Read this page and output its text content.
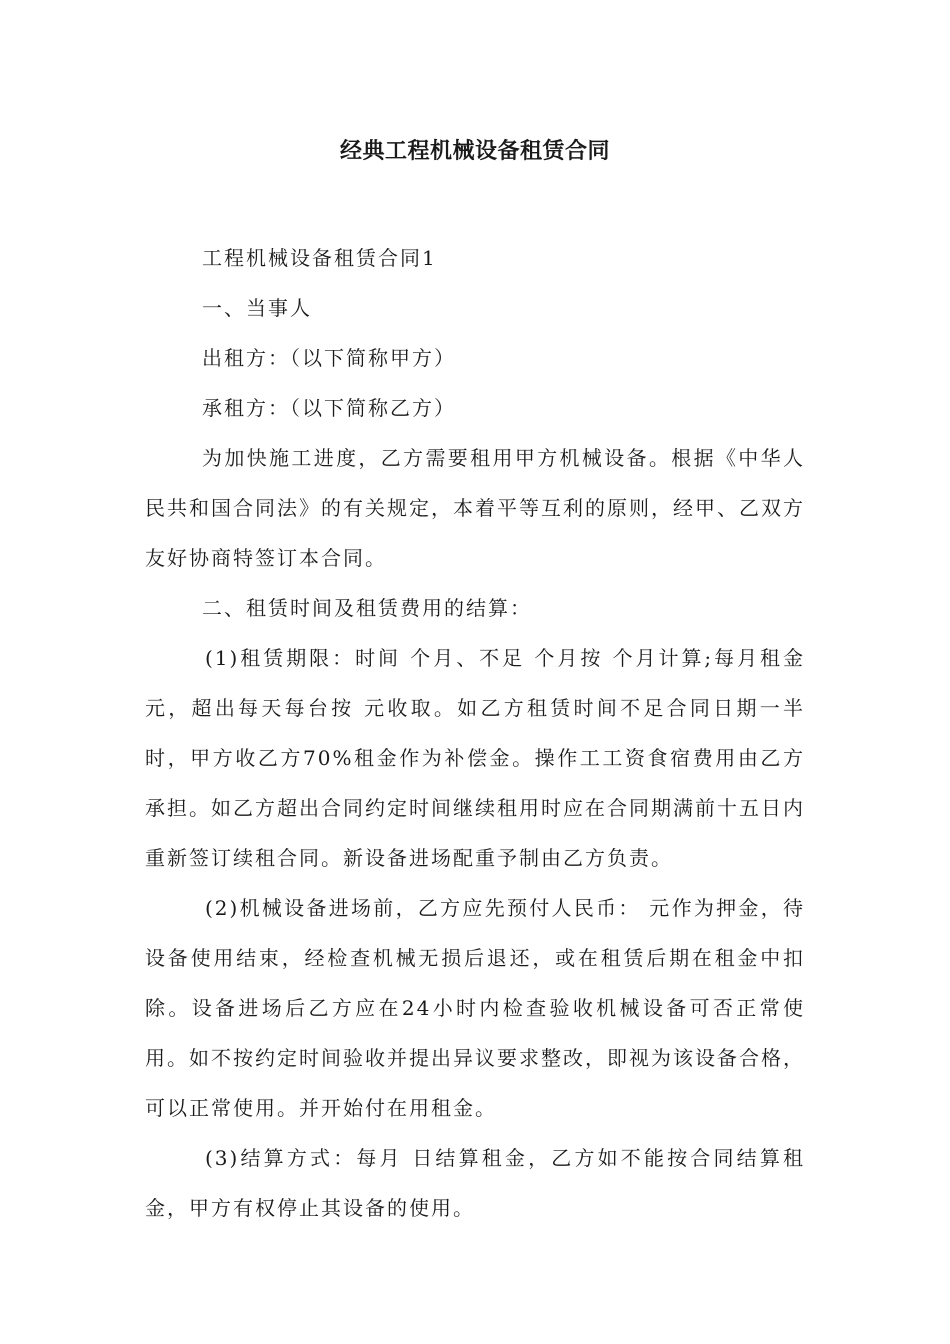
经典工程机械设备租赁合同

工程机械设备租赁合同1

一、当事人

出租方：（以下简称甲方）

承租方：（以下简称乙方）

为加快施工进度，乙方需要租用甲方机械设备。根据《中华人民共和国合同法》的有关规定，本着平等互利的原则，经甲、乙双方友好协商特签订本合同。

二、租赁时间及租赁费用的结算：

(1)租赁期限：时间 个月、不足 个月按 个月计算;每月租金 元，超出每天每台按 元收取。如乙方租赁时间不足合同日期一半时，甲方收乙方70%租金作为补偿金。操作工工资食宿费用由乙方承担。如乙方超出合同约定时间继续租用时应在合同期满前十五日内重新签订续租合同。新设备进场配重予制由乙方负责。

(2)机械设备进场前，乙方应先预付人民币： 元作为押金，待设备使用结束，经检查机械无损后退还，或在租赁后期在租金中扣除。设备进场后乙方应在24小时内检查验收机械设备可否正常使用。如不按约定时间验收并提出异议要求整改，即视为该设备合格，可以正常使用。并开始付在用租金。

(3)结算方式：每月 日结算租金，乙方如不能按合同结算租金，甲方有权停止其设备的使用。
